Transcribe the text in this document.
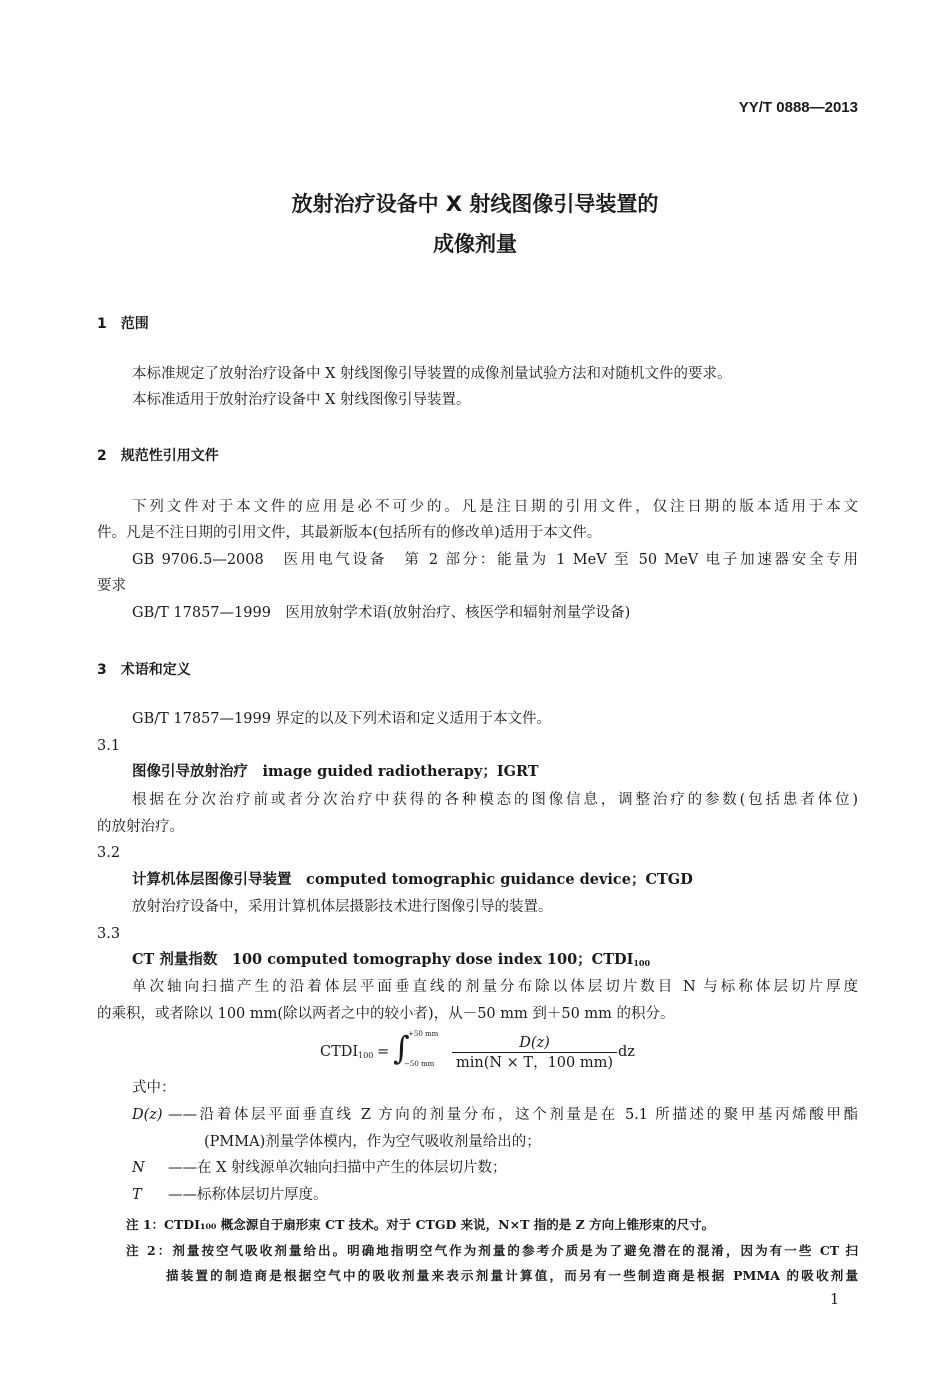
YY/T 0888—2013
放射治疗设备中 X 射线图像引导装置的
成像剂量
1　范围
本标准规定了放射治疗设备中 X 射线图像引导装置的成像剂量试验方法和对随机文件的要求。
本标准适用于放射治疗设备中 X 射线图像引导装置。
2　规范性引用文件
下列文件对于本文件的应用是必不可少的。凡是注日期的引用文件，仅注日期的版本适用于本文
件。凡是不注日期的引用文件，其最新版本(包括所有的修改单)适用于本文件。
GB 9706.5—2008　医用电气设备　第 2 部分：能量为 1 MeV 至 50 MeV 电子加速器安全专用
要求
GB/T 17857—1999　医用放射学术语(放射治疗、核医学和辐射剂量学设备)
3　术语和定义
GB/T 17857—1999 界定的以及下列术语和定义适用于本文件。
3.1
图像引导放射治疗　image guided radiotherapy；IGRT
根据在分次治疗前或者分次治疗中获得的各种模态的图像信息，调整治疗的参数(包括患者体位)
的放射治疗。
3.2
计算机体层图像引导装置　computed tomographic guidance device；CTGD
放射治疗设备中，采用计算机体层摄影技术进行图像引导的装置。
3.3
CT 剂量指数　100 computed tomography dose index 100；$CTDI_{100}$
单次轴向扫描产生的沿着体层平面垂直线的剂量分布除以体层切片数目 N 与标称体层切片厚度
的乘积，或者除以 100 mm(除以两者之中的较小者)，从－50 mm 到＋50 mm 的积分。
$CTDI_{100}$ = ∫
+50 mm
−50 mm
D(z)
min(N × T，100 mm)
dz
式中：
D(z) ——沿着体层平面垂直线 Z 方向的剂量分布，这个剂量是在 5.1 所描述的聚甲基丙烯酸甲酯
(PMMA)剂量学体模内，作为空气吸收剂量给出的；
N ——在 X 射线源单次轴向扫描中产生的体层切片数；
T ——标称体层切片厚度。
注 1：CTDI₁₀₀ 概念源自于扇形束 CT 技术。对于 CTGD 来说，N×T 指的是 Z 方向上锥形束的尺寸。
注 2：剂量按空气吸收剂量给出。明确地指明空气作为剂量的参考介质是为了避免潜在的混淆，因为有一些 CT 扫
描装置的制造商是根据空气中的吸收剂量来表示剂量计算值，而另有一些制造商是根据 PMMA 的吸收剂量
1
